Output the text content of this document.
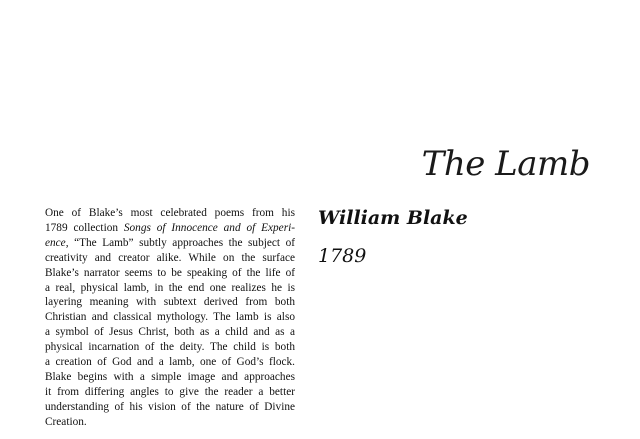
The Lamb
William Blake
1789
One of Blake’s most celebrated poems from his
1789 collection Songs of Innocence and of Experi-
ence, “The Lamb” subtly approaches the subject of
creativity and creator alike. While on the surface
Blake’s narrator seems to be speaking of the life of
a real, physical lamb, in the end one realizes he is
layering meaning with subtext derived from both
Christian and classical mythology. The lamb is also
a symbol of Jesus Christ, both as a child and as a
physical incarnation of the deity. The child is both
a creation of God and a lamb, one of God’s flock.
Blake begins with a simple image and approaches
it from differing angles to give the reader a better
understanding of his vision of the nature of Divine
Creation.
